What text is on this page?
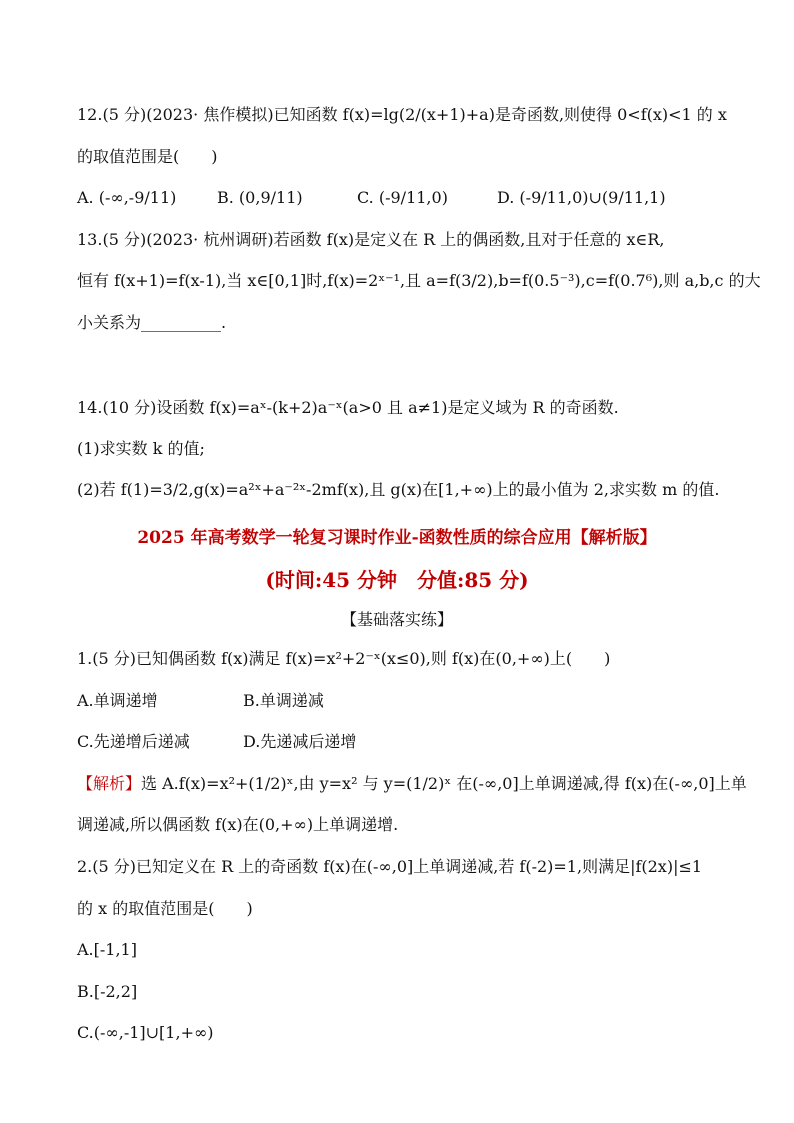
12.(5 分)(2023· 焦作模拟)已知函数 f(x)=lg(2/(x+1)+a)是奇函数,则使得 0<f(x)<1 的 x
的取值范围是(　　)
A. (-∞,-9/11)	B. (0,9/11)	C. (-9/11,0)	D. (-9/11,0)∪(9/11,1)
13.(5 分)(2023· 杭州调研)若函数 f(x)是定义在 R 上的偶函数,且对于任意的 x∈R,
恒有 f(x+1)=f(x-1),当 x∈[0,1]时,f(x)=2ˣ⁻¹,且 a=f(3/2),b=f(0.5⁻³),c=f(0.7⁶),则 a,b,c 的大
小关系为__________.
14.(10 分)设函数 f(x)=aˣ-(k+2)a⁻ˣ(a>0 且 a≠1)是定义域为 R 的奇函数.
(1)求实数 k 的值;
(2)若 f(1)=3/2,g(x)=a²ˣ+a⁻²ˣ-2mf(x),且 g(x)在[1,+∞)上的最小值为 2,求实数 m 的值.
2025 年高考数学一轮复习课时作业-函数性质的综合应用【解析版】
(时间:45 分钟　分值:85 分)
【基础落实练】
1.(5 分)已知偶函数 f(x)满足 f(x)=x²+2⁻ˣ(x≤0),则 f(x)在(0,+∞)上(　　)
A.单调递增	B.单调递减
C.先递增后递减	D.先递减后递增
【解析】选 A.f(x)=x²+(1/2)ˣ,由 y=x² 与 y=(1/2)ˣ 在(-∞,0]上单调递减,得 f(x)在(-∞,0]上单
调递减,所以偶函数 f(x)在(0,+∞)上单调递增.
2.(5 分)已知定义在 R 上的奇函数 f(x)在(-∞,0]上单调递减,若 f(-2)=1,则满足|f(2x)|≤1
的 x 的取值范围是(　　)
A.[-1,1]
B.[-2,2]
C.(-∞,-1]∪[1,+∞)
